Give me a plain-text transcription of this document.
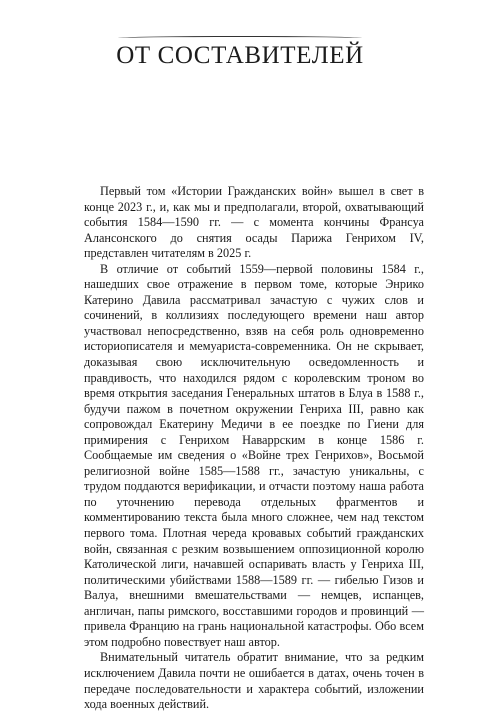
ОТ СОСТАВИТЕЛЕЙ

Первый том «Истории Гражданских войн» вышел в свет в конце 2023 г., и, как мы и предполагали, второй, охватывающий события 1584—1590 гг. — с момента кончины Франсуа Алансонского до снятия осады Парижа Генрихом IV, представлен читателям в 2025 г.

В отличие от событий 1559—первой половины 1584 г., нашедших свое отражение в первом томе, которые Энрико Катерино Давила рассматривал зачастую с чужих слов и сочинений, в коллизиях последующего времени наш автор участвовал непосредственно, взяв на себя роль одновременно историописателя и мемуариста-современника. Он не скрывает, доказывая свою исключительную осведомленность и правдивость, что находился рядом с королевским троном во время открытия заседания Генеральных штатов в Блуа в 1588 г., будучи пажом в почетном окружении Генриха III, равно как сопровождал Екатерину Медичи в ее поездке по Гиени для примирения с Генрихом Наваррским в конце 1586 г. Сообщаемые им сведения о «Войне трех Генрихов», Восьмой религиозной войне 1585—1588 гг., зачастую уникальны, с трудом поддаются верификации, и отчасти поэтому наша работа по уточнению перевода отдельных фрагментов и комментированию текста была много сложнее, чем над текстом первого тома. Плотная череда кровавых событий гражданских войн, связанная с резким возвышением оппозиционной королю Католической лиги, начавшей оспаривать власть у Генриха III, политическими убийствами 1588—1589 гг. — гибелью Гизов и Валуа, внешними вмешательствами — немцев, испанцев, англичан, папы римского, восставшими городов и провинций — привела Францию на грань национальной катастрофы. Обо всем этом подробно повествует наш автор.

Внимательный читатель обратит внимание, что за редким исключением Давила почти не ошибается в датах, очень точен в передаче последовательности и характера событий, изложении хода военных действий.
